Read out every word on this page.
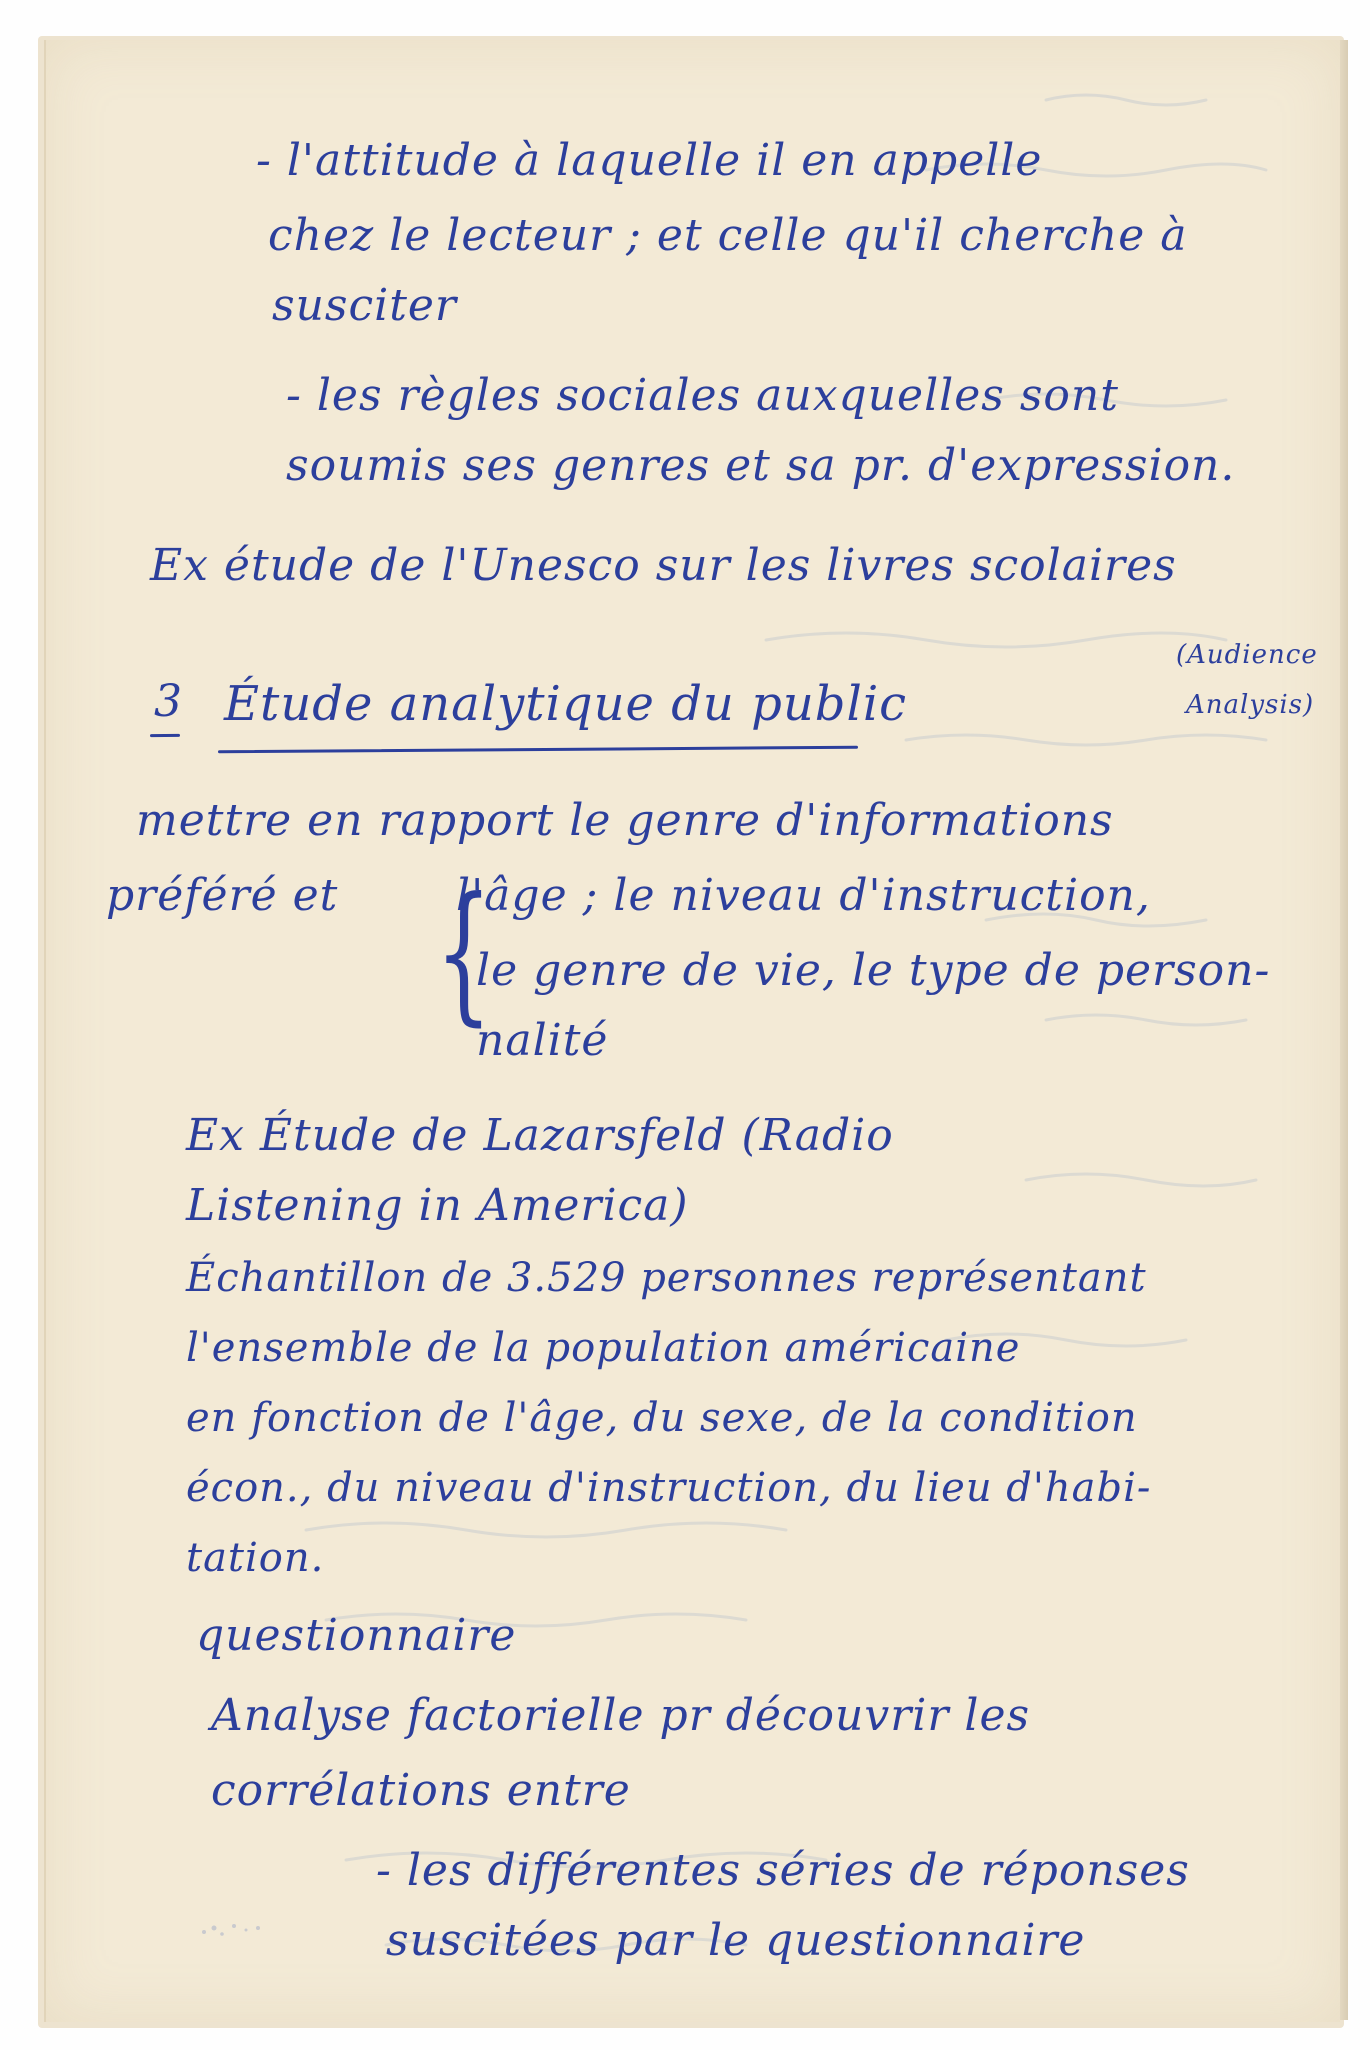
- l'attitude à laquelle il en appelle
chez le lecteur ; et celle qu'il cherche à
susciter
- les règles sociales auxquelles sont
soumis ses genres et sa pr. d'expression.
Ex étude de l'Unesco sur les livres scolaires
3 Étude analytique du public
(Audience
Analysis)
mettre en rapport le genre d'informations
préféré et {
l'âge ; le niveau d'instruction,
le genre de vie, le type de person-
nalité
Ex Étude de Lazarsfeld (Radio
Listening in America)
Échantillon de 3.529 personnes représentant
l'ensemble de la population américaine
en fonction de l'âge, du sexe, de la condition
écon., du niveau d'instruction, du lieu d'habi-
tation.
questionnaire
Analyse factorielle pr découvrir les
corrélations entre
- les différentes séries de réponses
suscitées par le questionnaire
